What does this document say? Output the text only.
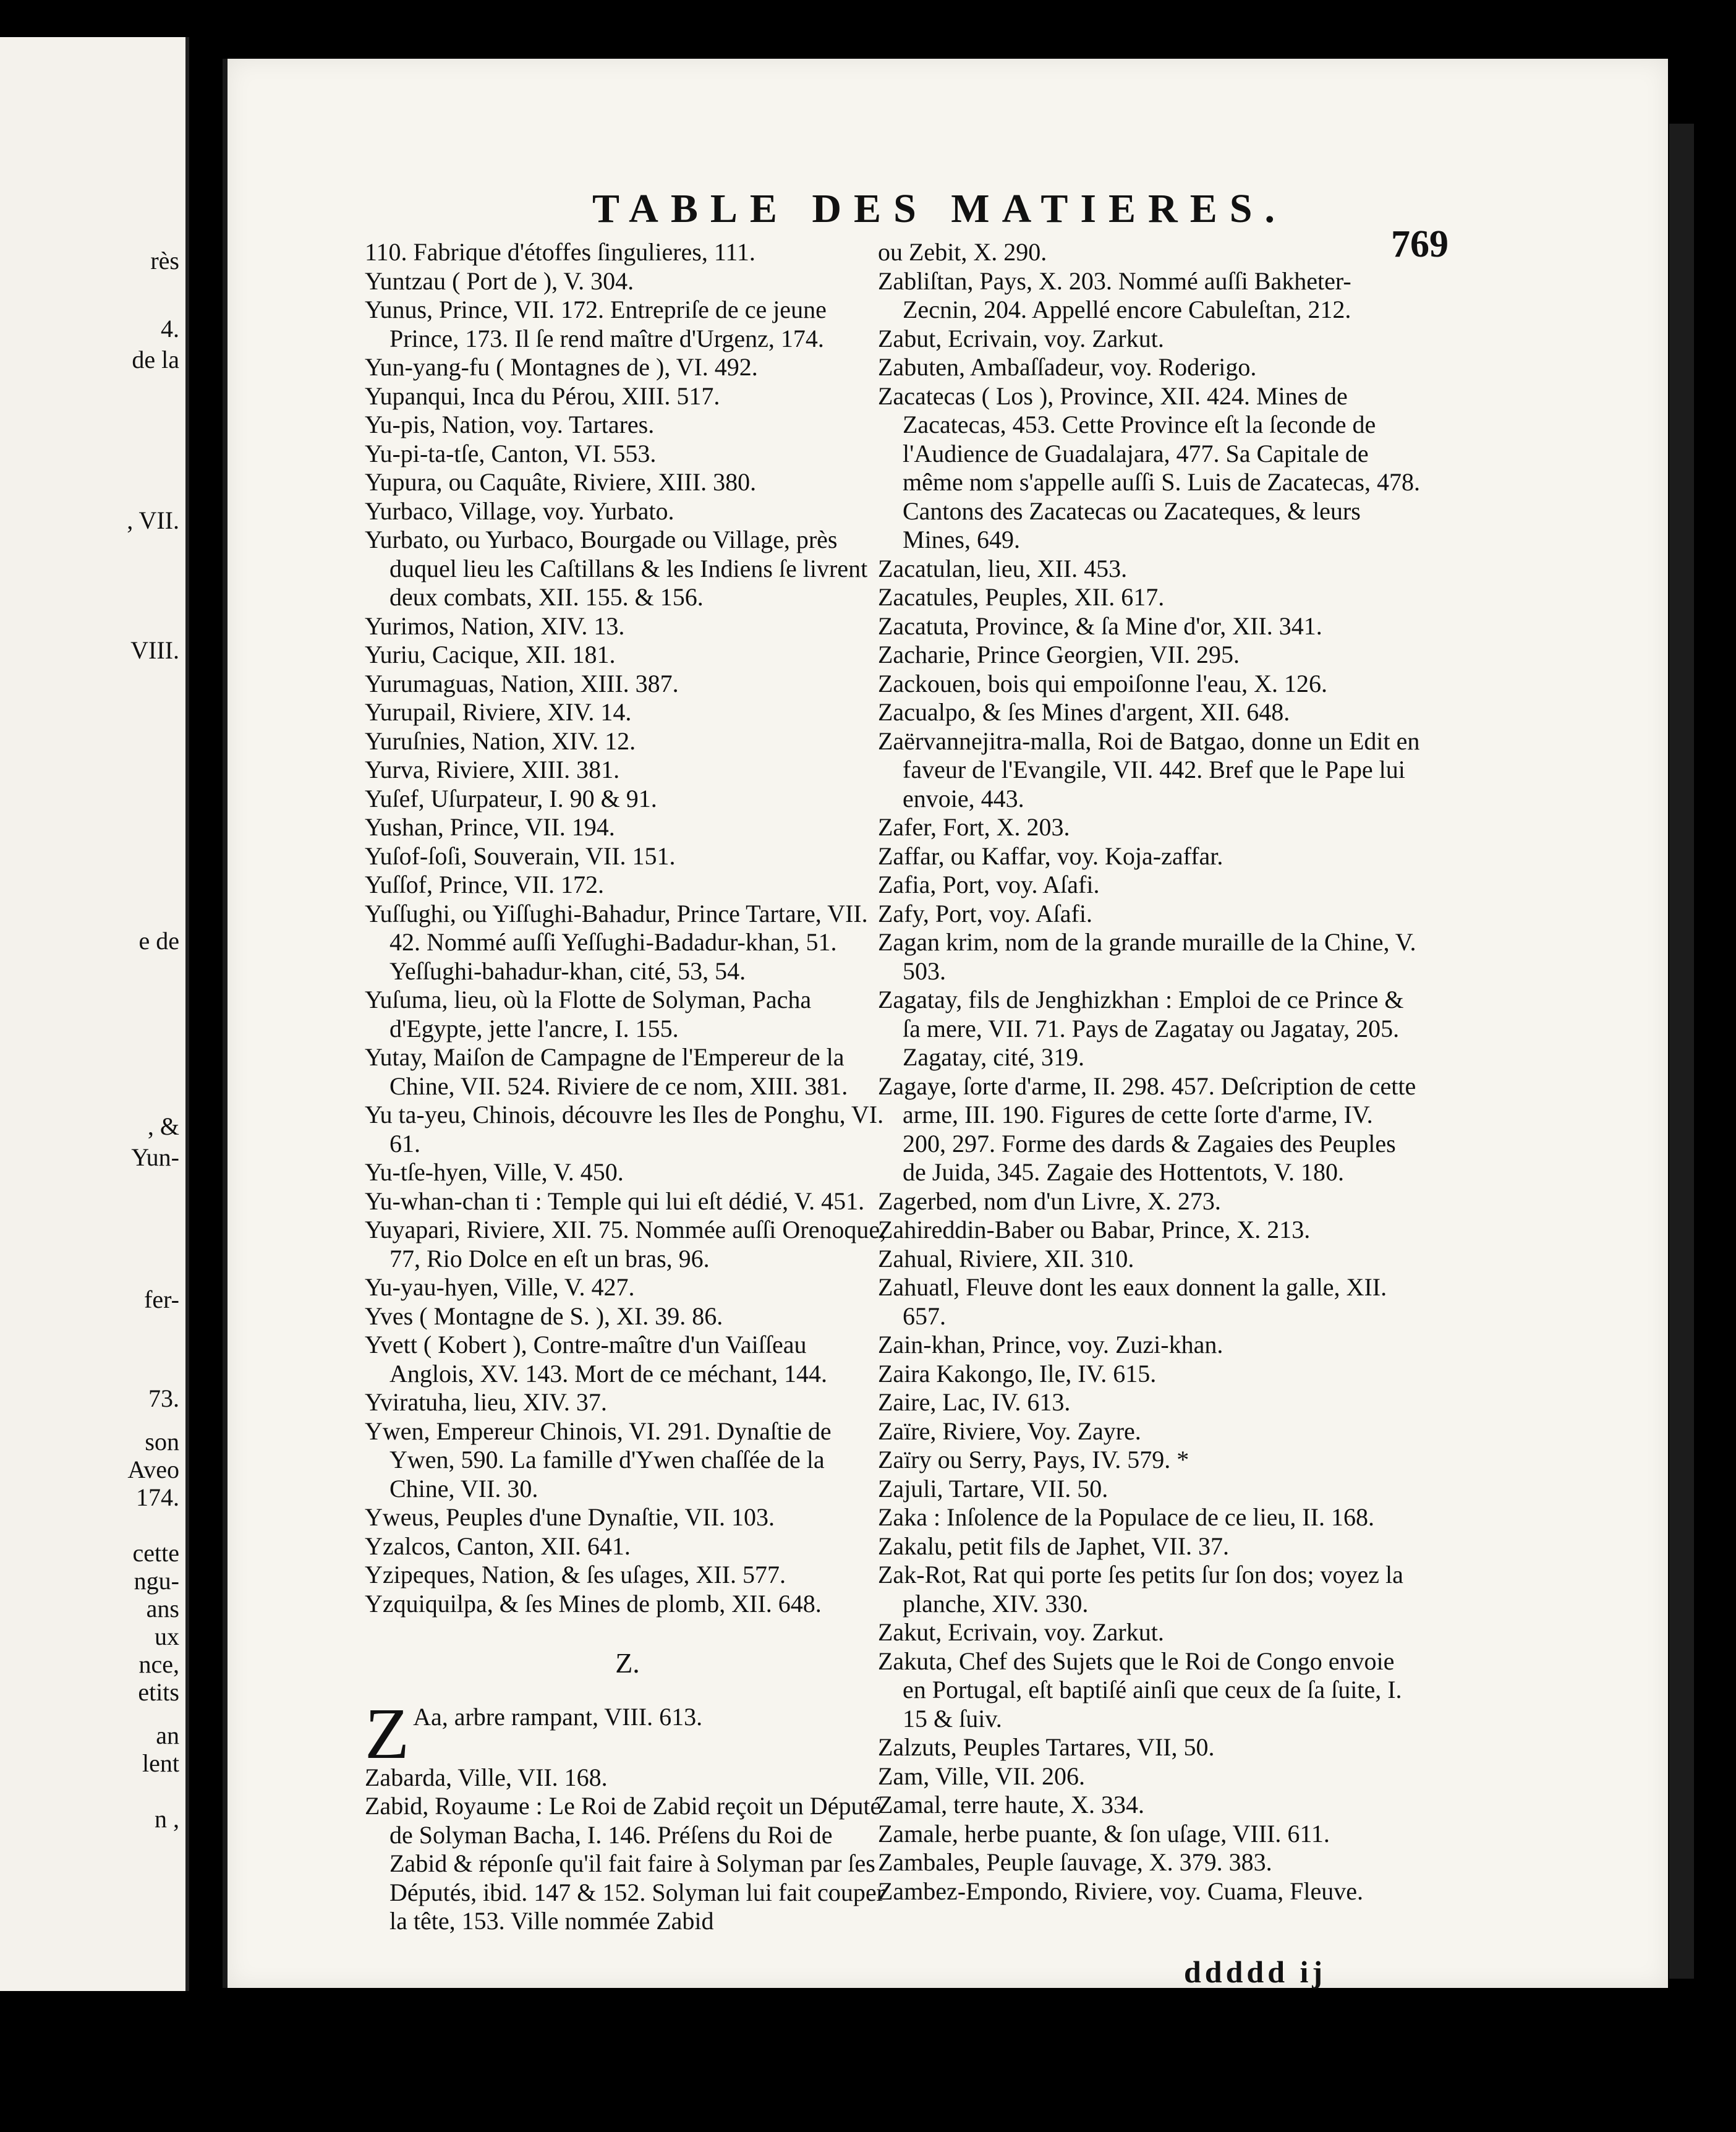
TABLE DES MATIERES.
769

110. Fabrique d'étoffes ſingulieres, 111.

Yuntzau ( Port de ), V. 304.

Yunus, Prince, VII. 172. Entrepriſe de ce jeune Prince, 173. Il ſe rend maître d'Urgenz, 174.

Yun-yang-fu ( Montagnes de ), VI. 492.

Yupanqui, Inca du Pérou, XIII. 517.

Yu-pis, Nation, voy. Tartares.

Yu-pi-ta-tſe, Canton, VI. 553.

Yupura, ou Caquâte, Riviere, XIII. 380.

Yurbaco, Village, voy. Yurbato.

Yurbato, ou Yurbaco, Bourgade ou Village, près duquel lieu les Caſtillans & les Indiens ſe livrent deux combats, XII. 155. & 156.

Yurimos, Nation, XIV. 13.

Yuriu, Cacique, XII. 181.

Yurumaguas, Nation, XIII. 387.

Yurupail, Riviere, XIV. 14.

Yuruſnies, Nation, XIV. 12.

Yurva, Riviere, XIII. 381.

Yuſef, Uſurpateur, I. 90 & 91.

Yushan, Prince, VII. 194.

Yuſof-ſoſi, Souverain, VII. 151.

Yuſſof, Prince, VII. 172.

Yuſſughi, ou Yiſſughi-Bahadur, Prince Tartare, VII. 42. Nommé auſſi Yeſſughi-Badadur-khan, 51. Yeſſughi-bahadur-khan, cité, 53, 54.

Yuſuma, lieu, où la Flotte de Solyman, Pacha d'Egypte, jette l'ancre, I. 155.

Yutay, Maiſon de Campagne de l'Empereur de la Chine, VII. 524. Riviere de ce nom, XIII. 381.

Yu ta-yeu, Chinois, découvre les Iles de Ponghu, VI. 61.

Yu-tſe-hyen, Ville, V. 450.

Yu-whan-chan ti : Temple qui lui eſt dédié, V. 451.

Yuyapari, Riviere, XII. 75. Nommée auſſi Orenoque, 77, Rio Dolce en eſt un bras, 96.

Yu-yau-hyen, Ville, V. 427.

Yves ( Montagne de S. ), XI. 39. 86.

Yvett ( Kobert ), Contre-maître d'un Vaiſſeau Anglois, XV. 143. Mort de ce méchant, 144.

Yviratuha, lieu, XIV. 37.

Ywen, Empereur Chinois, VI. 291. Dynaſtie de Ywen, 590. La famille d'Ywen chaſſée de la Chine, VII. 30.

Yweus, Peuples d'une Dynaſtie, VII. 103.

Yzalcos, Canton, XII. 641.

Yzipeques, Nation, & ſes uſages, XII. 577.

Yzquiquilpa, & ſes Mines de plomb, XII. 648.

Z.
Z Aa, arbre rampant, VIII. 613.

Zabarda, Ville, VII. 168.

Zabid, Royaume : Le Roi de Zabid reçoit un Député de Solyman Bacha, I. 146. Préſens du Roi de Zabid & réponſe qu'il fait faire à Solyman par ſes Députés, ibid. 147 & 152. Solyman lui fait couper la tête, 153. Ville nommée Zabid

ou Zebit, X. 290.

Zabliſtan, Pays, X. 203. Nommé auſſi Bakheter-Zecnin, 204. Appellé encore Cabuleſtan, 212.

Zabut, Ecrivain, voy. Zarkut.

Zabuten, Ambaſſadeur, voy. Roderigo.

Zacatecas ( Los ), Province, XII. 424. Mines de Zacatecas, 453. Cette Province eſt la ſeconde de l'Audience de Guadalajara, 477. Sa Capitale de même nom s'appelle auſſi S. Luis de Zacatecas, 478. Cantons des Zacatecas ou Zacateques, & leurs Mines, 649.

Zacatulan, lieu, XII. 453.

Zacatules, Peuples, XII. 617.

Zacatuta, Province, & ſa Mine d'or, XII. 341.

Zacharie, Prince Georgien, VII. 295.

Zackouen, bois qui empoiſonne l'eau, X. 126.

Zacualpo, & ſes Mines d'argent, XII. 648.

Zaërvannejitra-malla, Roi de Batgao, donne un Edit en faveur de l'Evangile, VII. 442. Bref que le Pape lui envoie, 443.

Zafer, Fort, X. 203.

Zaffar, ou Kaffar, voy. Koja-zaffar.

Zafia, Port, voy. Aſafi.

Zafy, Port, voy. Aſafi.

Zagan krim, nom de la grande muraille de la Chine, V. 503.

Zagatay, fils de Jenghizkhan : Emploi de ce Prince & ſa mere, VII. 71. Pays de Zagatay ou Jagatay, 205. Zagatay, cité, 319.

Zagaye, ſorte d'arme, II. 298. 457. Deſcription de cette arme, III. 190. Figures de cette ſorte d'arme, IV. 200, 297. Forme des dards & Zagaies des Peuples de Juida, 345. Zagaie des Hottentots, V. 180.

Zagerbed, nom d'un Livre, X. 273.

Zahireddin-Baber ou Babar, Prince, X. 213.

Zahual, Riviere, XII. 310.

Zahuatl, Fleuve dont les eaux donnent la galle, XII. 657.

Zain-khan, Prince, voy. Zuzi-khan.

Zaira Kakongo, Ile, IV. 615.

Zaire, Lac, IV. 613.

Zaïre, Riviere, Voy. Zayre.

Zaïry ou Serry, Pays, IV. 579. *

Zajuli, Tartare, VII. 50.

Zaka : Inſolence de la Populace de ce lieu, II. 168.

Zakalu, petit fils de Japhet, VII. 37.

Zak-Rot, Rat qui porte ſes petits ſur ſon dos; voyez la planche, XIV. 330.

Zakut, Ecrivain, voy. Zarkut.

Zakuta, Chef des Sujets que le Roi de Congo envoie en Portugal, eſt baptiſé ainſi que ceux de ſa ſuite, I. 15 & ſuiv.

Zalzuts, Peuples Tartares, VII, 50.

Zam, Ville, VII. 206.

Zamal, terre haute, X. 334.

Zamale, herbe puante, & ſon uſage, VIII. 611.

Zambales, Peuple ſauvage, X. 379. 383.

Zambez-Empondo, Riviere, voy. Cuama, Fleuve.

ddddd ij
rès
4.
de la
, VII.
VIII.
e de
, &
Yun-
fer-
73.
son
Aveo
174.
cette
ngu-
ans
ux
nce,
etits
an
lent
n ,
